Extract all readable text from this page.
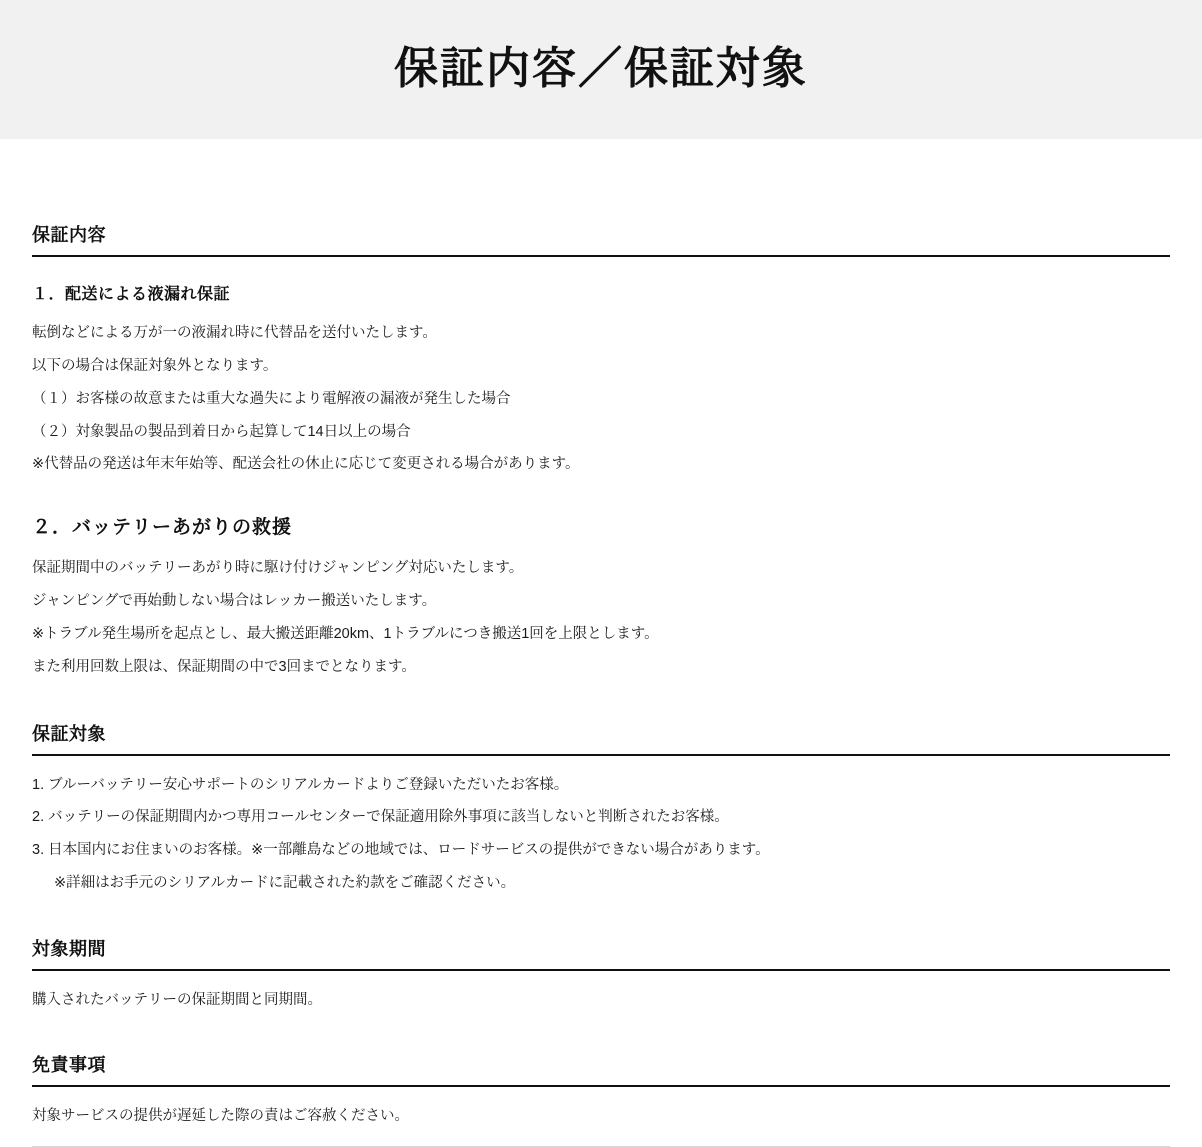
保証内容／保証対象
保証内容
１．配送による液漏れ保証

転倒などによる万が一の液漏れ時に代替品を送付いたします。

以下の場合は保証対象外となります。

（１）お客様の故意または重大な過失により電解液の漏液が発生した場合

（２）対象製品の製品到着日から起算して14日以上の場合

※代替品の発送は年末年始等、配送会社の休止に応じて変更される場合があります。

２．バッテリーあがりの救援

保証期間中のバッテリーあがり時に駆け付けジャンピング対応いたします。

ジャンピングで再始動しない場合はレッカー搬送いたします。

※トラブル発生場所を起点とし、最大搬送距離20km、1トラブルにつき搬送1回を上限とします。

また利用回数上限は、保証期間の中で3回までとなります。

保証対象
1. ブルーバッテリー安心サポートのシリアルカードよりご登録いただいたお客様。
2. バッテリーの保証期間内かつ専用コールセンターで保証適用除外事項に該当しないと判断されたお客様。
3. 日本国内にお住まいのお客様。※一部離島などの地域では、ロードサービスの提供ができない場合があります。

※詳細はお手元のシリアルカードに記載された約款をご確認ください。

対象期間

購入されたバッテリーの保証期間と同期間。

免責事項

対象サービスの提供が遅延した際の責はご容赦ください。
